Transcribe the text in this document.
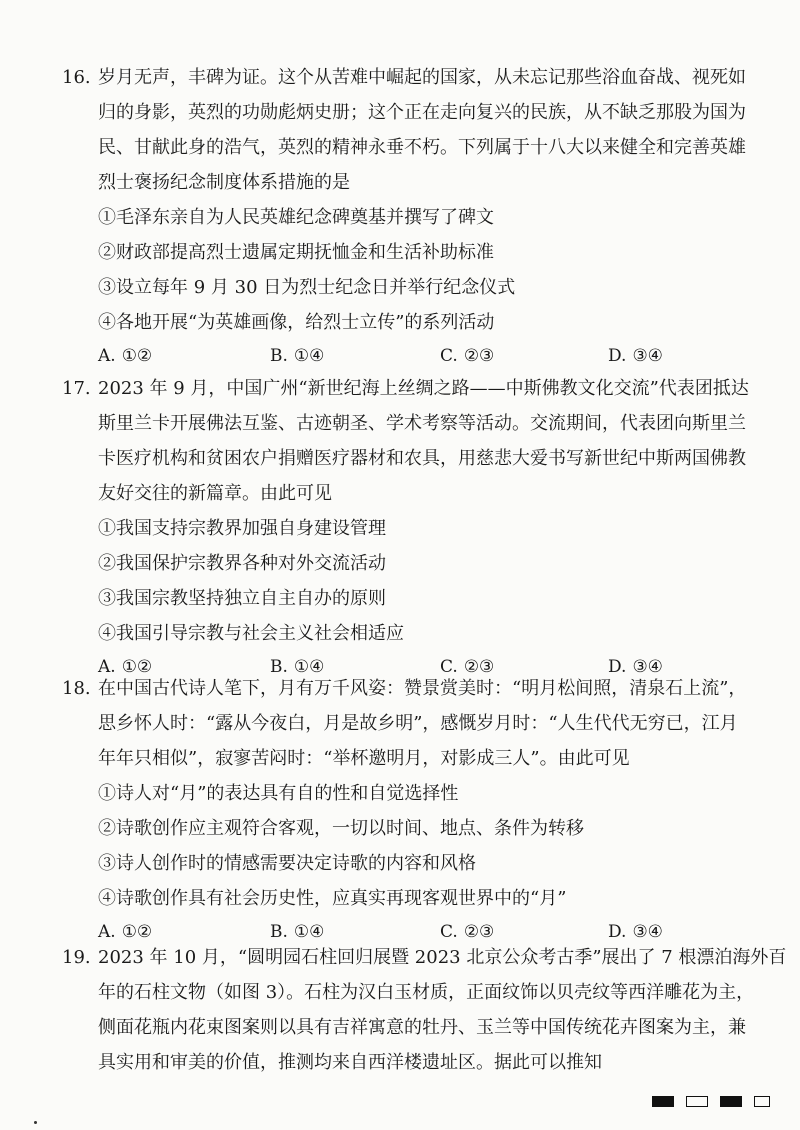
16. 岁月无声，丰碑为证。这个从苦难中崛起的国家，从未忘记那些浴血奋战、视死如
归的身影，英烈的功勋彪炳史册；这个正在走向复兴的民族，从不缺乏那股为国为
民、甘献此身的浩气，英烈的精神永垂不朽。下列属于十八大以来健全和完善英雄
烈士褒扬纪念制度体系措施的是
①毛泽东亲自为人民英雄纪念碑奠基并撰写了碑文
②财政部提高烈士遗属定期抚恤金和生活补助标准
③设立每年 9 月 30 日为烈士纪念日并举行纪念仪式
④各地开展“为英雄画像，给烈士立传”的系列活动
A. ①②	B. ①④	C. ②③	D. ③④
17. 2023 年 9 月，中国广州“新世纪海上丝绸之路——中斯佛教文化交流”代表团抵达
斯里兰卡开展佛法互鉴、古迹朝圣、学术考察等活动。交流期间，代表团向斯里兰
卡医疗机构和贫困农户捐赠医疗器材和农具，用慈悲大爱书写新世纪中斯两国佛教
友好交往的新篇章。由此可见
①我国支持宗教界加强自身建设管理
②我国保护宗教界各种对外交流活动
③我国宗教坚持独立自主自办的原则
④我国引导宗教与社会主义社会相适应
A. ①②	B. ①④	C. ②③	D. ③④
18. 在中国古代诗人笔下，月有万千风姿：赞景赏美时：“明月松间照，清泉石上流”，
思乡怀人时：“露从今夜白，月是故乡明”，感慨岁月时：“人生代代无穷已，江月
年年只相似”，寂寥苦闷时：“举杯邀明月，对影成三人”。由此可见
①诗人对“月”的表达具有自的性和自觉选择性
②诗歌创作应主观符合客观，一切以时间、地点、条件为转移
③诗人创作时的情感需要决定诗歌的内容和风格
④诗歌创作具有社会历史性，应真实再现客观世界中的“月”
A. ①②	B. ①④	C. ②③	D. ③④
19. 2023 年 10 月，“圆明园石柱回归展暨 2023 北京公众考古季”展出了 7 根漂泊海外百
年的石柱文物（如图 3）。石柱为汉白玉材质，正面纹饰以贝壳纹等西洋雕花为主，
侧面花瓶内花束图案则以具有吉祥寓意的牡丹、玉兰等中国传统花卉图案为主，兼
具实用和审美的价值，推测均来自西洋楼遗址区。据此可以推知
